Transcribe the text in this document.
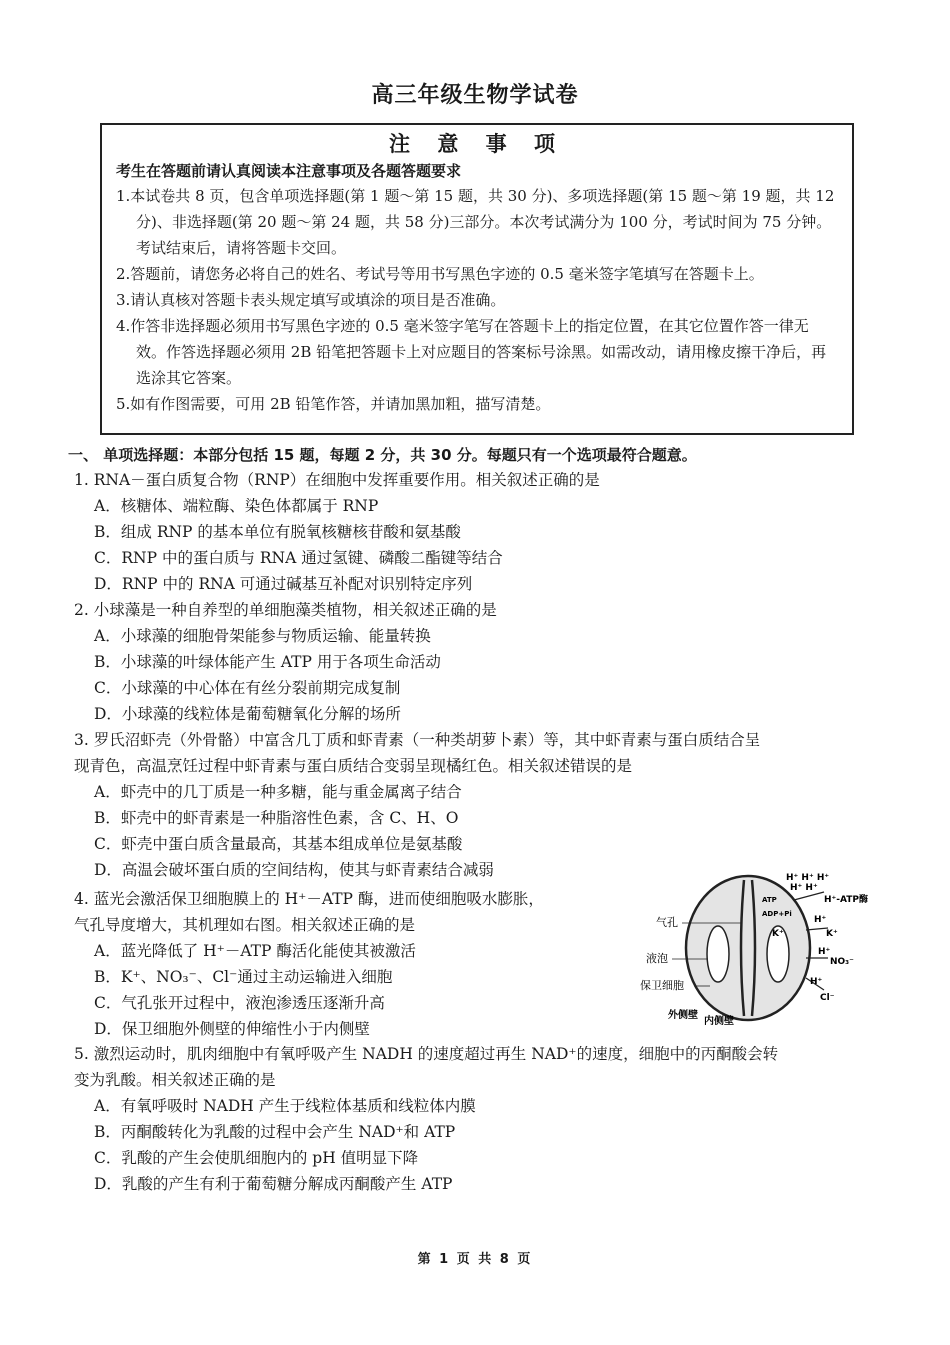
高三年级生物学试卷
注 意 事 项
考生在答题前请认真阅读本注意事项及各题答题要求
1.本试卷共 8 页，包含单项选择题(第 1 题～第 15 题，共 30 分)、多项选择题(第 15 题～第 19 题，共 12 分)、非选择题(第 20 题～第 24 题，共 58 分)三部分。本次考试满分为 100 分，考试时间为 75 分钟。考试结束后，请将答题卡交回。
2.答题前，请您务必将自己的姓名、考试号等用书写黑色字迹的 0.5 毫米签字笔填写在答题卡上。
3.请认真核对答题卡表头规定填写或填涂的项目是否准确。
4.作答非选择题必须用书写黑色字迹的 0.5 毫米签字笔写在答题卡上的指定位置，在其它位置作答一律无效。作答选择题必须用 2B 铅笔把答题卡上对应题目的答案标号涂黑。如需改动，请用橡皮擦干净后，再选涂其它答案。
5.如有作图需要，可用 2B 铅笔作答，并请加黑加粗，描写清楚。
一、 单项选择题：本部分包括 15 题，每题 2 分，共 30 分。每题只有一个选项最符合题意。
1. RNA－蛋白质复合物（RNP）在细胞中发挥重要作用。相关叙述正确的是
A．核糖体、端粒酶、染色体都属于 RNP
B．组成 RNP 的基本单位有脱氧核糖核苷酸和氨基酸
C．RNP 中的蛋白质与 RNA 通过氢键、磷酸二酯键等结合
D．RNP 中的 RNA 可通过碱基互补配对识别特定序列
2. 小球藻是一种自养型的单细胞藻类植物，相关叙述正确的是
A．小球藻的细胞骨架能参与物质运输、能量转换
B．小球藻的叶绿体能产生 ATP 用于各项生命活动
C．小球藻的中心体在有丝分裂前期完成复制
D．小球藻的线粒体是葡萄糖氧化分解的场所
3. 罗氏沼虾壳（外骨骼）中富含几丁质和虾青素（一种类胡萝卜素）等，其中虾青素与蛋白质结合呈
现青色，高温烹饪过程中虾青素与蛋白质结合变弱呈现橘红色。相关叙述错误的是
A．虾壳中的几丁质是一种多糖，能与重金属离子结合
B．虾壳中的虾青素是一种脂溶性色素，含 C、H、O
C．虾壳中蛋白质含量最高，其基本组成单位是氨基酸
D．高温会破坏蛋白质的空间结构，使其与虾青素结合减弱
4. 蓝光会激活保卫细胞膜上的 H⁺－ATP 酶，进而使细胞吸水膨胀，
气孔导度增大，其机理如右图。相关叙述正确的是
A．蓝光降低了 H⁺－ATP 酶活化能使其被激活
B．K⁺、NO₃⁻、Cl⁻通过主动运输进入细胞
C．气孔张开过程中，液泡渗透压逐渐升高
D．保卫细胞外侧壁的伸缩性小于内侧壁
H⁺ H⁺ H⁺
H⁺ H⁺
H⁺-ATP酶
ATP
ADP+Pi
H⁺
K⁺	K⁺
H⁺
NO₃⁻
H⁺
Cl⁻
气孔
液泡
保卫细胞
外侧壁
内侧壁
5. 激烈运动时，肌肉细胞中有氧呼吸产生 NADH 的速度超过再生 NAD⁺的速度，细胞中的丙酮酸会转
变为乳酸。相关叙述正确的是
A．有氧呼吸时 NADH 产生于线粒体基质和线粒体内膜
B．丙酮酸转化为乳酸的过程中会产生 NAD⁺和 ATP
C．乳酸的产生会使肌细胞内的 pH 值明显下降
D．乳酸的产生有利于葡萄糖分解成丙酮酸产生 ATP
第 1 页 共 8 页
